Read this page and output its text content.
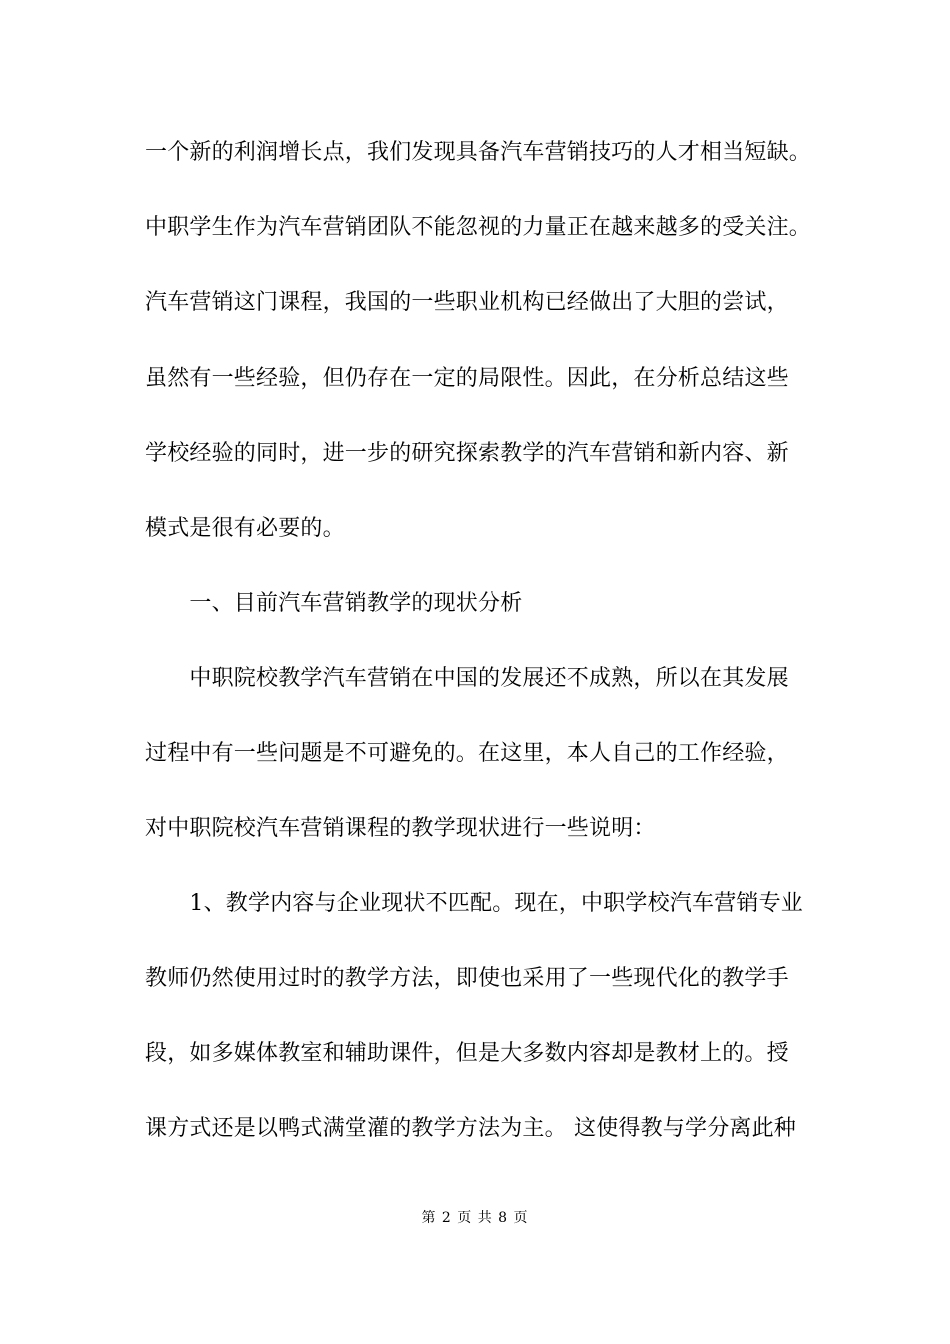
一个新的利润增长点，我们发现具备汽车营销技巧的人才相当短缺。
中职学生作为汽车营销团队不能忽视的力量正在越来越多的受关注。
汽车营销这门课程，我国的一些职业机构已经做出了大胆的尝试，
虽然有一些经验，但仍存在一定的局限性。因此，在分析总结这些
学校经验的同时，进一步的研究探索教学的汽车营销和新内容、新
模式是很有必要的。
　　一、目前汽车营销教学的现状分析
　　中职院校教学汽车营销在中国的发展还不成熟，所以在其发展
过程中有一些问题是不可避免的。在这里，本人自己的工作经验，
对中职院校汽车营销课程的教学现状进行一些说明：
　　1、教学内容与企业现状不匹配。现在，中职学校汽车营销专业
教师仍然使用过时的教学方法，即使也采用了一些现代化的教学手
段，如多媒体教室和辅助课件，但是大多数内容却是教材上的。授
课方式还是以鸭式满堂灌的教学方法为主。 这使得教与学分离此种
第 2 页 共 8 页
